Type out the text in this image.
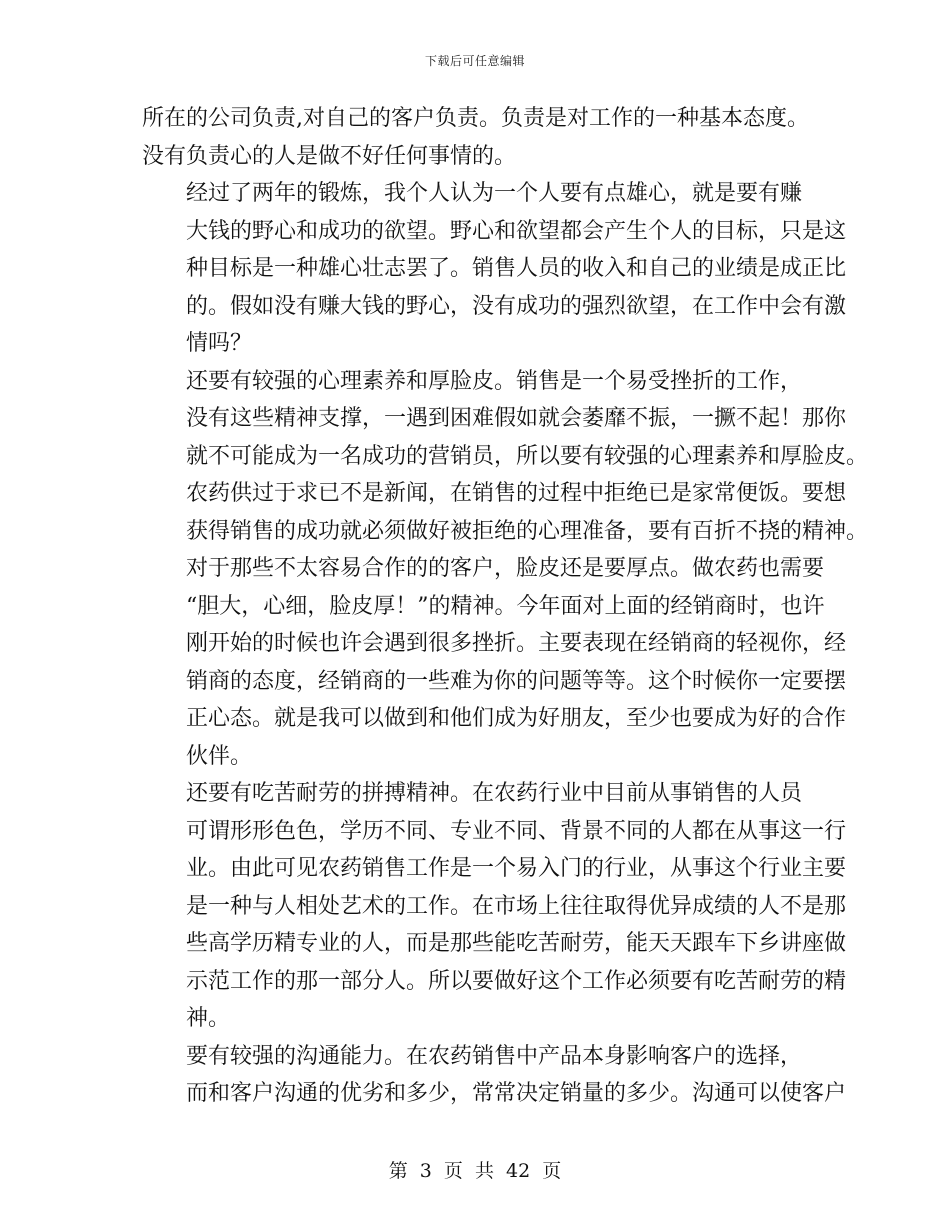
下载后可任意编辑

所在的公司负责,对自己的客户负责。负责是对工作的一种基本态度。
没有负责心的人是做不好任何事情的。

经过了两年的锻炼，我个人认为一个人要有点雄心，就是要有赚
大钱的野心和成功的欲望。野心和欲望都会产生个人的目标，只是这
种目标是一种雄心壮志罢了。销售人员的收入和自己的业绩是成正比
的。假如没有赚大钱的野心，没有成功的强烈欲望，在工作中会有激
情吗？

还要有较强的心理素养和厚脸皮。销售是一个易受挫折的工作，
没有这些精神支撑，一遇到困难假如就会萎靡不振，一撅不起！那你
就不可能成为一名成功的营销员，所以要有较强的心理素养和厚脸皮。
农药供过于求已不是新闻，在销售的过程中拒绝已是家常便饭。要想
获得销售的成功就必须做好被拒绝的心理准备，要有百折不挠的精神。
对于那些不太容易合作的的客户，脸皮还是要厚点。做农药也需要
“胆大，心细，脸皮厚！”的精神。今年面对上面的经销商时，也许
刚开始的时候也许会遇到很多挫折。主要表现在经销商的轻视你，经
销商的态度，经销商的一些难为你的问题等等。这个时候你一定要摆
正心态。就是我可以做到和他们成为好朋友，至少也要成为好的合作
伙伴。

还要有吃苦耐劳的拼搏精神。在农药行业中目前从事销售的人员
可谓形形色色，学历不同、专业不同、背景不同的人都在从事这一行
业。由此可见农药销售工作是一个易入门的行业，从事这个行业主要
是一种与人相处艺术的工作。在市场上往往取得优异成绩的人不是那
些高学历精专业的人，而是那些能吃苦耐劳，能天天跟车下乡讲座做
示范工作的那一部分人。所以要做好这个工作必须要有吃苦耐劳的精
神。

要有较强的沟通能力。在农药销售中产品本身影响客户的选择，
而和客户沟通的优劣和多少，常常决定销量的多少。沟通可以使客户

第 3 页 共 42 页
